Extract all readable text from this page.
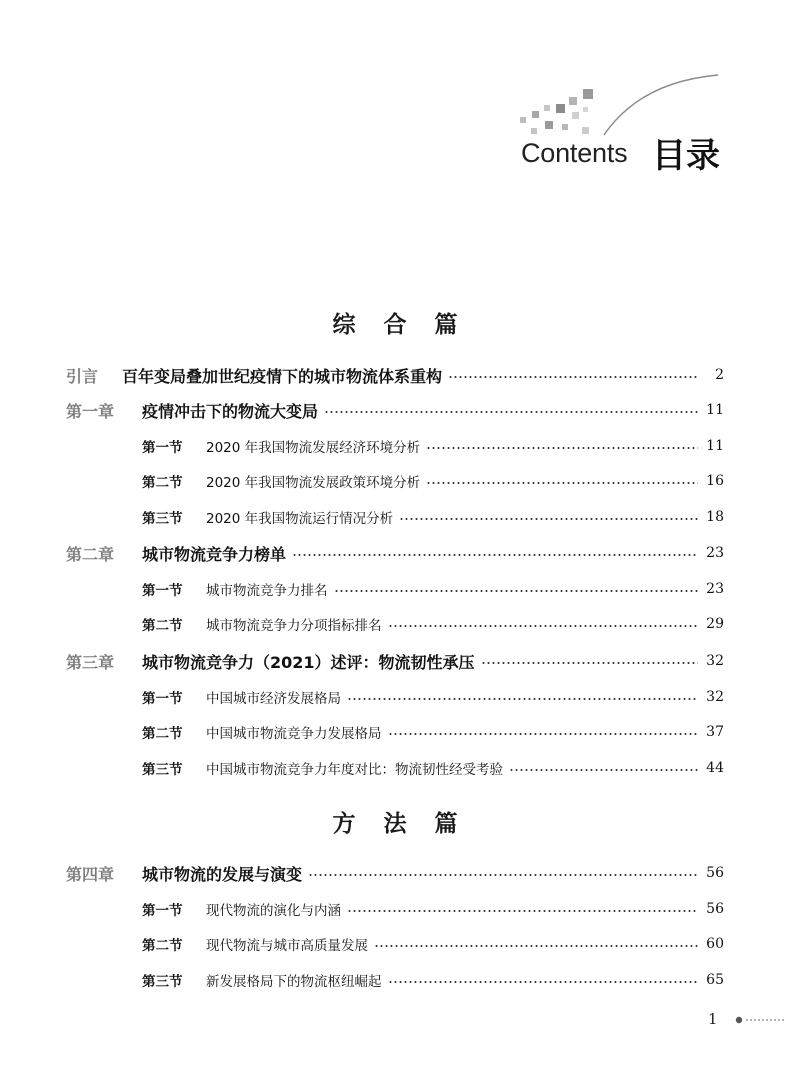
Contents 目录
综 合 篇
引言	百年变局叠加世纪疫情下的城市物流体系重构	2
第一章	疫情冲击下的物流大变局	11
第一节	2020 年我国物流发展经济环境分析	11
第二节	2020 年我国物流发展政策环境分析	16
第三节	2020 年我国物流运行情况分析	18
第二章	城市物流竞争力榜单	23
第一节	城市物流竞争力排名	23
第二节	城市物流竞争力分项指标排名	29
第三章	城市物流竞争力（2021）述评：物流韧性承压	32
第一节	中国城市经济发展格局	32
第二节	中国城市物流竞争力发展格局	37
第三节	中国城市物流竞争力年度对比：物流韧性经受考验	44
方 法 篇
第四章	城市物流的发展与演变	56
第一节	现代物流的演化与内涵	56
第二节	现代物流与城市高质量发展	60
第三节	新发展格局下的物流枢纽崛起	65
1
